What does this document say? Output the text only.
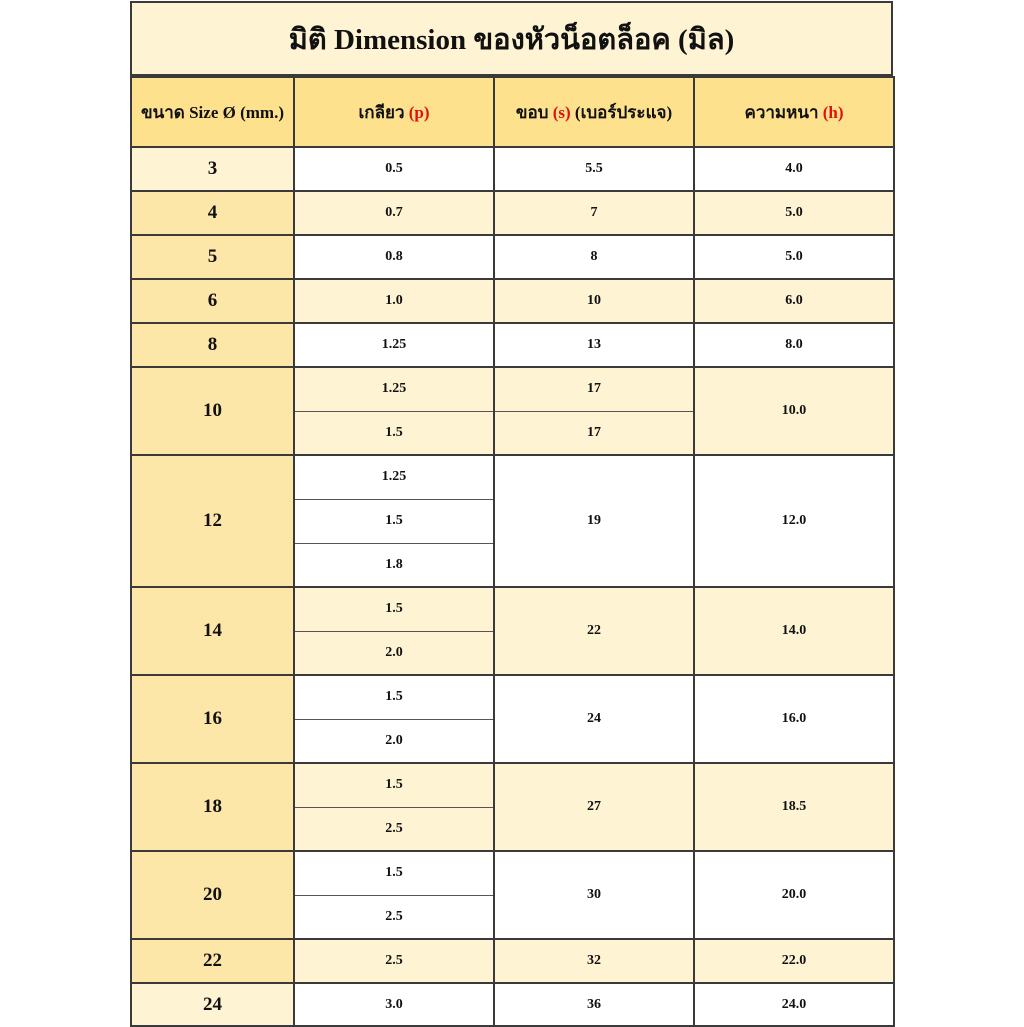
มิติ Dimension ของหัวน็อตล็อค (มิล)
ขนาด Size Ø (mm.)	เกลียว (p)	ขอบ (s) (เบอร์ประแจ)	ความหนา (h)
3	0.5	5.5	4.0
4	0.7	7	5.0
5	0.8	8	5.0
6	1.0	10	6.0
8	1.25	13	8.0
10	1.25	17	10.0
	1.5	17	
12	1.25	19	12.0
	1.5		
	1.8		
14	1.5	22	14.0
	2.0		
16	1.5	24	16.0
	2.0		
18	1.5	27	18.5
	2.5		
20	1.5	30	20.0
	2.5		
22	2.5	32	22.0
24	3.0	36	24.0
